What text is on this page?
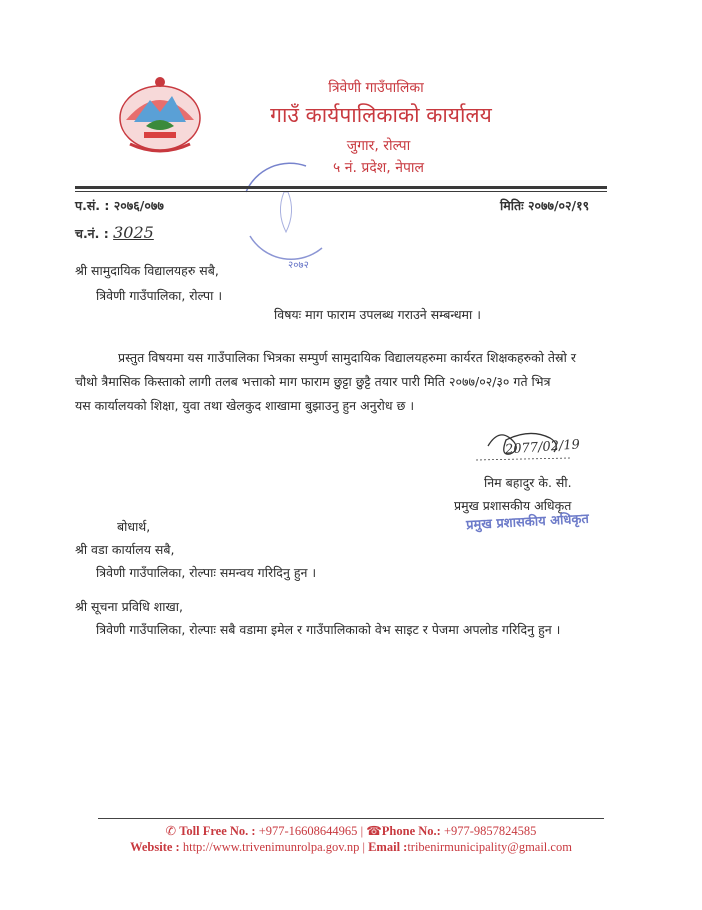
त्रिवेणी गाउँपालिका
गाउँ कार्यपालिकाको कार्यालय
जुगार, रोल्पा
५ नं. प्रदेश, नेपाल
२०७२
प.सं. : २०७६/०७७
च.नं. : 3025
मितिः २०७७/०२/१९
श्री सामुदायिक विद्यालयहरु सबै,
त्रिवेणी गाउँपालिका, रोल्पा ।
विषयः माग फाराम उपलब्ध गराउने सम्बन्धमा ।
प्रस्तुत विषयमा यस गाउँपालिका भित्रका सम्पुर्ण सामुदायिक विद्यालयहरुमा कार्यरत शिक्षकहरुको तेस्रो र
चौथो त्रैमासिक किस्ताको लागी तलब भत्ताको माग फाराम छुट्टा छुट्टै तयार पारी मिति २०७७/०२/३० गते भित्र
यस कार्यालयको शिक्षा, युवा तथा खेलकुद शाखामा बुझाउनु हुन अनुरोध छ ।
2077/02/19
निम बहादुर के. सी.
प्रमुख प्रशासकीय अधिकृत
प्रमुख प्रशासकीय अधिकृत
बोधार्थ,
श्री वडा कार्यालय सबै,
त्रिवेणी गाउँपालिका, रोल्पाः समन्वय गरिदिनु हुन ।
श्री सूचना प्रविधि शाखा,
त्रिवेणी गाउँपालिका, रोल्पाः सबै वडामा इमेल र गाउँपालिकाको वेभ साइट र पेजमा अपलोड गरिदिनु हुन ।
✆ Toll Free No. : +977-16608644965 | ☎Phone No.: +977-9857824585
Website : http://www.trivenimunrolpa.gov.np | Email :tribenirmunicipality@gmail.com
